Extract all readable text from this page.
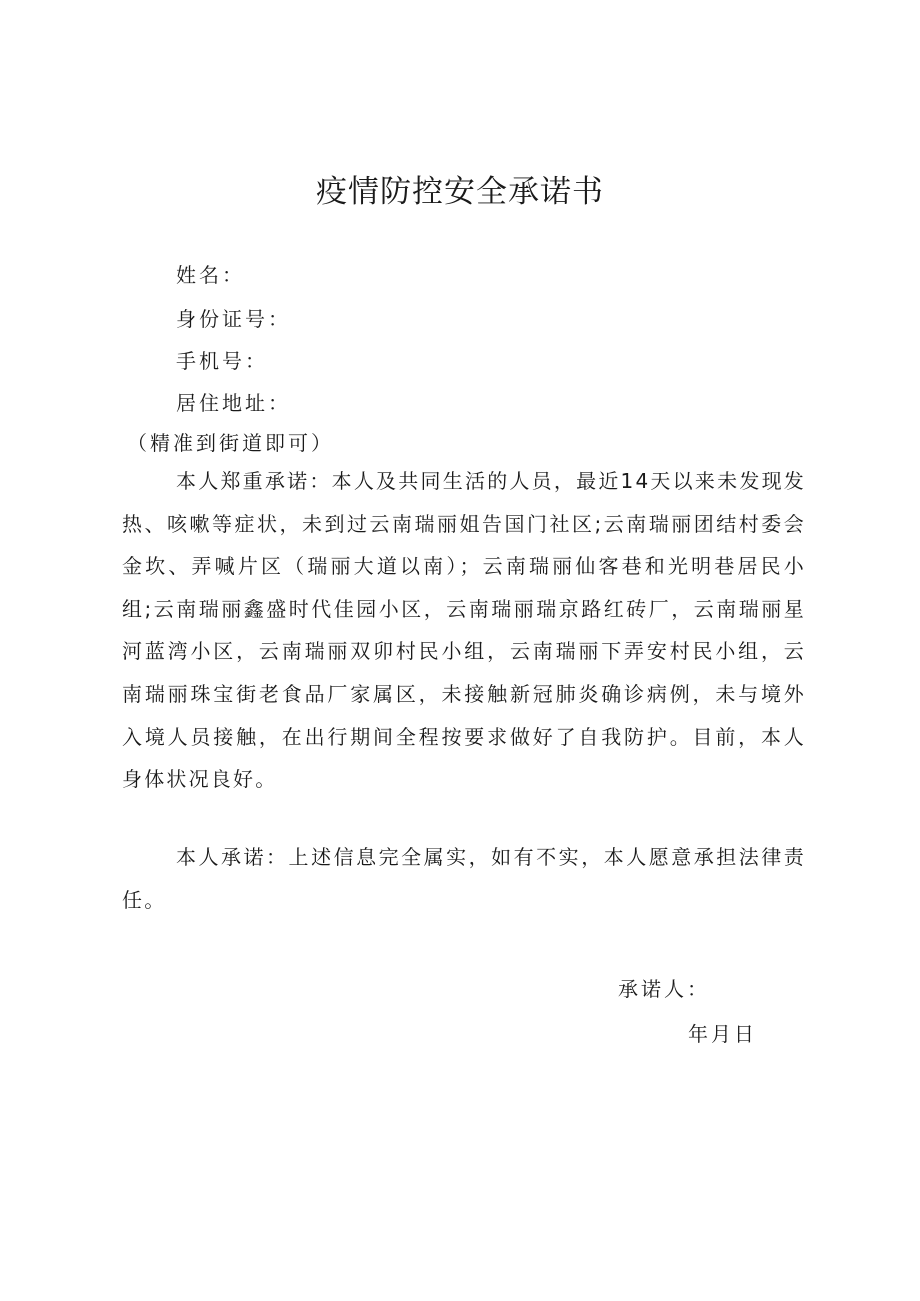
疫情防控安全承诺书

姓名：

身份证号：

手机号：

居住地址：

（精准到街道即可）

本人郑重承诺：本人及共同生活的人员，最近14天以来未发现发热、咳嗽等症状，未到过云南瑞丽姐告国门社区;云南瑞丽团结村委会金坎、弄喊片区（瑞丽大道以南）；云南瑞丽仙客巷和光明巷居民小组;云南瑞丽鑫盛时代佳园小区，云南瑞丽瑞京路红砖厂，云南瑞丽星河蓝湾小区，云南瑞丽双卯村民小组，云南瑞丽下弄安村民小组，云南瑞丽珠宝街老食品厂家属区，未接触新冠肺炎确诊病例，未与境外入境人员接触，在出行期间全程按要求做好了自我防护。目前，本人身体状况良好。

本人承诺：上述信息完全属实，如有不实，本人愿意承担法律责任。

承诺人：

年月日
